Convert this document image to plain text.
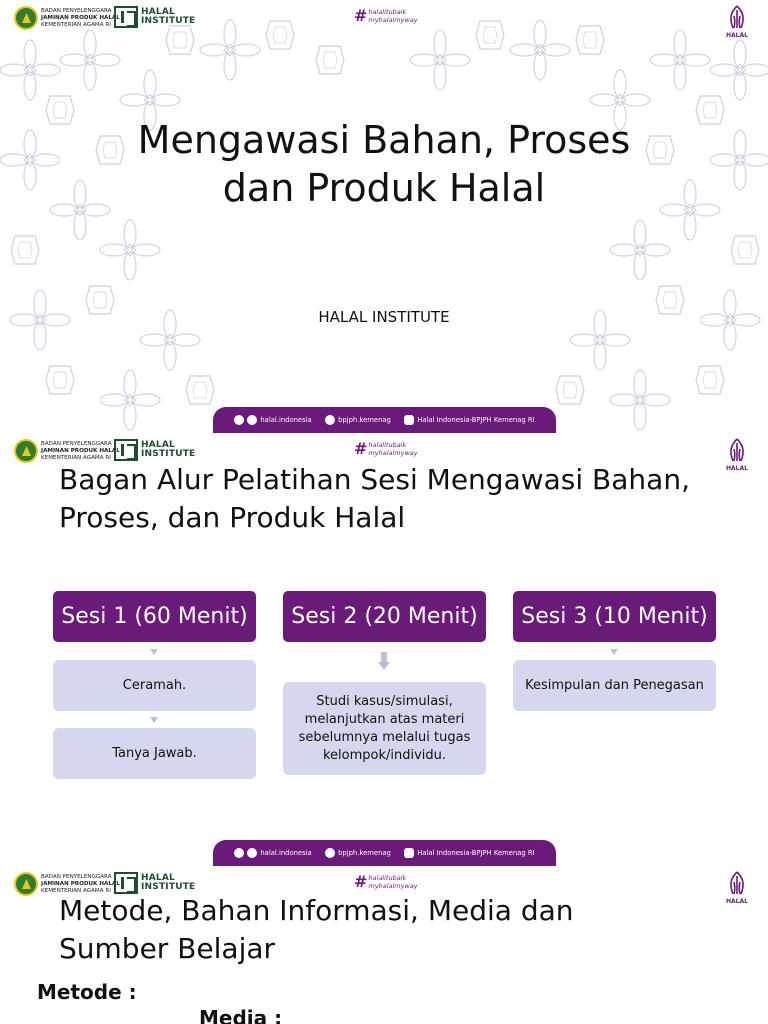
BADAN PENYELENGGARA
JAMINAN PRODUK HALAL
KEMENTERIAN AGAMA RI
HALAL
INSTITUTE	# halalitubaik
myhalalmyway
HALAL
Mengawasi Bahan, Proses
dan Produk Halal
HALAL INSTITUTE
halal.indonesia	bpjph.kemenag	Halal Indonesia-BPJPH Kemenag RI
BADAN PENYELENGGARA
JAMINAN PRODUK HALAL
KEMENTERIAN AGAMA RI
HALAL
INSTITUTE	# halalitubaik
myhalalmyway
HALAL
Bagan Alur Pelatihan Sesi Mengawasi Bahan,
Proses, dan Produk Halal
Sesi 1 (60 Menit)
Ceramah.
Tanya Jawab.
Sesi 2 (20 Menit)
Studi kasus/simulasi, melanjutkan atas materi sebelumnya melalui tugas kelompok/individu.
Sesi 3 (10 Menit)
Kesimpulan dan Penegasan
halal.indonesia	bpjph.kemenag	Halal Indonesia-BPJPH Kemenag RI
BADAN PENYELENGGARA
JAMINAN PRODUK HALAL
KEMENTERIAN AGAMA RI
HALAL
INSTITUTE	# halalitubaik
myhalalmyway
HALAL
Metode, Bahan Informasi, Media dan
Sumber Belajar
Metode :
Media :
